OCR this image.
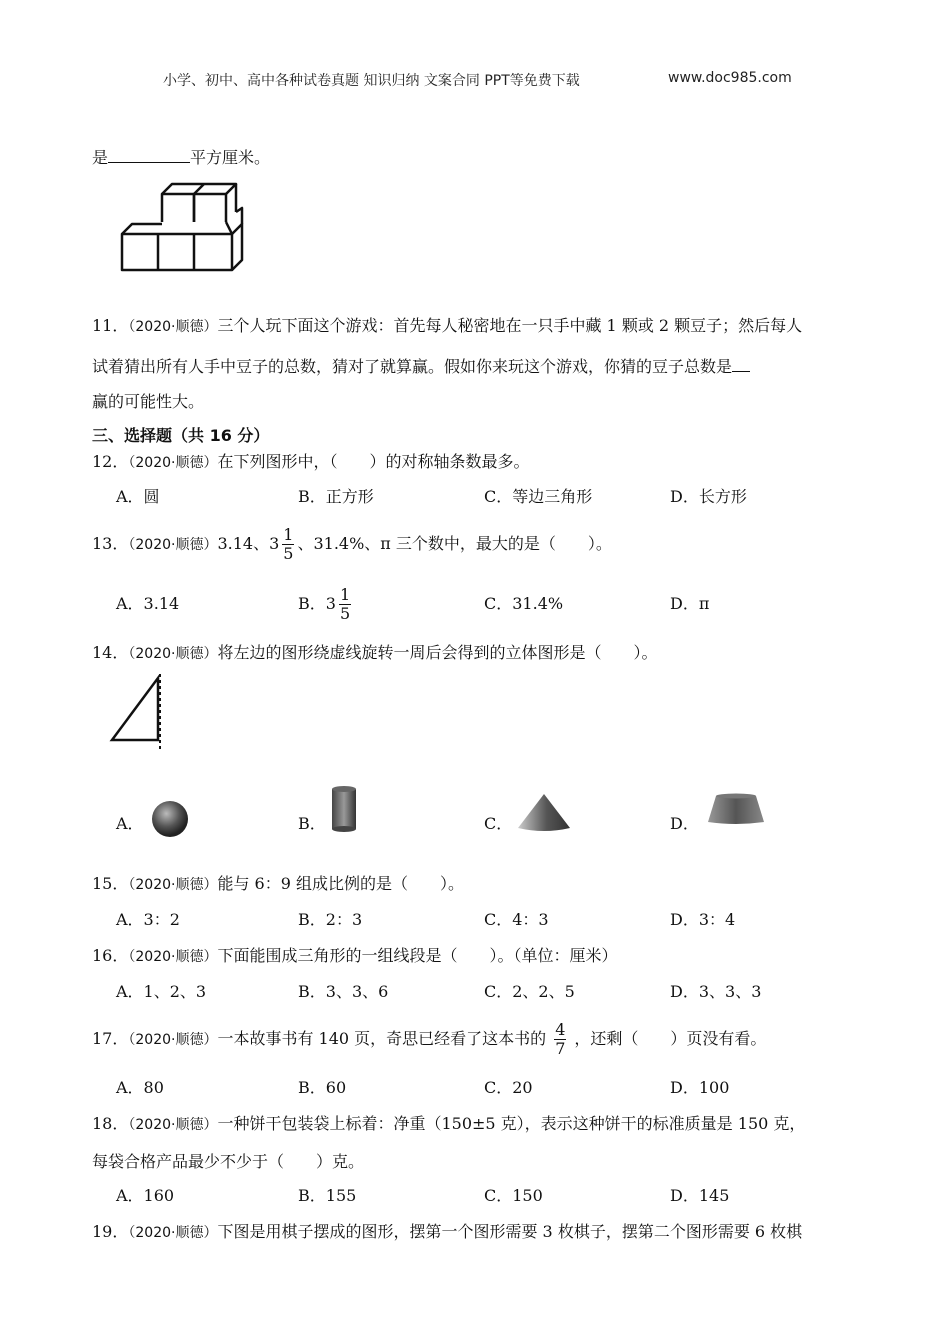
小学、初中、高中各种试卷真题 知识归纳 文案合同 PPT等免费下载	www.doc985.com
是	平方厘米。
11．（2020·顺德）三个人玩下面这个游戏：首先每人秘密地在一只手中藏 1 颗或 2 颗豆子；然后每人
试着猜出所有人手中豆子的总数，猜对了就算赢。假如你来玩这个游戏，你猜的豆子总数是
赢的可能性大。
三、选择题（共 16 分）
12．（2020·顺德）在下列图形中，（　　）的对称轴条数最多。
A．圆	B．正方形	C．等边三角形	D．长方形
13．（2020·顺德）3.14、$3 \frac{1}{5}$ 、31.4%、π 三个数中，最大的是（　　）。
A．3.14	B．$3 \frac{1}{5}$	C．31.4%	D．π
14．（2020·顺德）将左边的图形绕虚线旋转一周后会得到的立体图形是（　　）。
A．	B．	C．	D．
15．（2020·顺德）能与 6：9 组成比例的是（　　）。
A．3：2	B．2：3	C．4：3	D．3：4
16．（2020·顺德）下面能围成三角形的一组线段是（　　）。（单位：厘米）
A．1、2、3	B．3、3、6	C．2、2、5	D．3、3、3
17．（2020·顺德）一本故事书有 140 页，奇思已经看了这本书的 $\frac{4}{7}$ ，还剩（　　）页没有看。
A．80	B．60	C．20	D．100
18．（2020·顺德）一种饼干包装袋上标着：净重（150±5 克），表示这种饼干的标准质量是 150 克，
每袋合格产品最少不少于（　　）克。
A．160	B．155	C．150	D．145
19．（2020·顺德）下图是用棋子摆成的图形，摆第一个图形需要 3 枚棋子，摆第二个图形需要 6 枚棋
